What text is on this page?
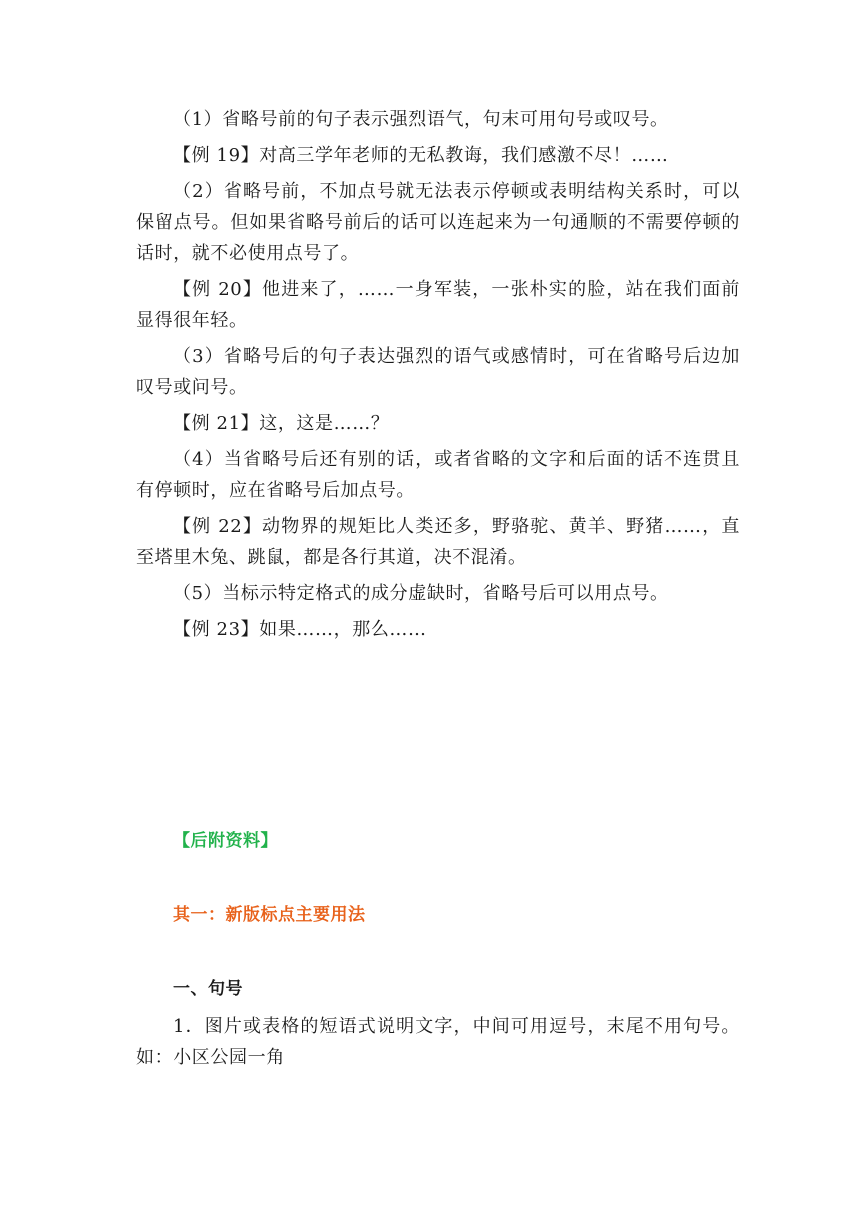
（1）省略号前的句子表示强烈语气，句末可用句号或叹号。

【例 19】对高三学年老师的无私教诲，我们感激不尽！……

（2）省略号前，不加点号就无法表示停顿或表明结构关系时，可以保留点号。但如果省略号前后的话可以连起来为一句通顺的不需要停顿的话时，就不必使用点号了。

【例 20】他进来了，……一身军装，一张朴实的脸，站在我们面前显得很年轻。

（3）省略号后的句子表达强烈的语气或感情时，可在省略号后边加叹号或问号。

【例 21】这，这是……？

（4）当省略号后还有别的话，或者省略的文字和后面的话不连贯且有停顿时，应在省略号后加点号。

【例 22】动物界的规矩比人类还多，野骆驼、黄羊、野猪……，直至塔里木兔、跳鼠，都是各行其道，决不混淆。

（5）当标示特定格式的成分虚缺时，省略号后可以用点号。

【例 23】如果……，那么……

【后附资料】
其一：新版标点主要用法
一、句号

1．图片或表格的短语式说明文字，中间可用逗号，末尾不用句号。如：小区公园一角
